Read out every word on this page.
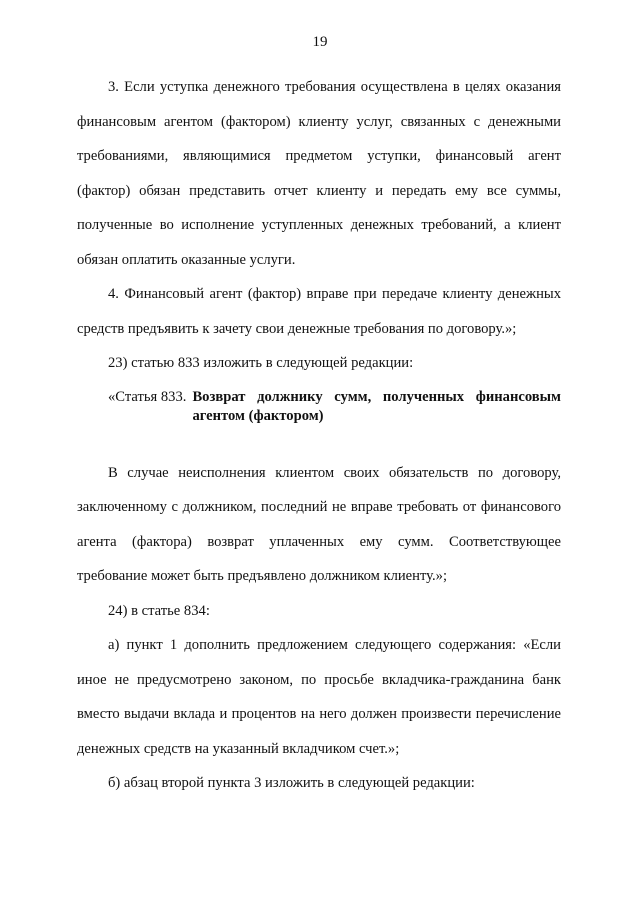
19

3. Если уступка денежного требования осуществлена в целях оказания финансовым агентом (фактором) клиенту услуг, связанных с денежными требованиями, являющимися предметом уступки, финансовый агент (фактор) обязан представить отчет клиенту и передать ему все суммы, полученные во исполнение уступленных денежных требований, а клиент обязан оплатить оказанные услуги.

4. Финансовый агент (фактор) вправе при передаче клиенту денежных средств предъявить к зачету свои денежные требования по договору.»;

23) статью 833 изложить в следующей редакции:

«Статья 833. Возврат должнику сумм, полученных финансовым агентом (фактором)

В случае неисполнения клиентом своих обязательств по договору, заключенному с должником, последний не вправе требовать от финансового агента (фактора) возврат уплаченных ему сумм. Соответствующее требование может быть предъявлено должником клиенту.»;

24) в статье 834:

а) пункт 1 дополнить предложением следующего содержания: «Если иное не предусмотрено законом, по просьбе вкладчика-гражданина банк вместо выдачи вклада и процентов на него должен произвести перечисление денежных средств на указанный вкладчиком счет.»;

б) абзац второй пункта 3 изложить в следующей редакции:
